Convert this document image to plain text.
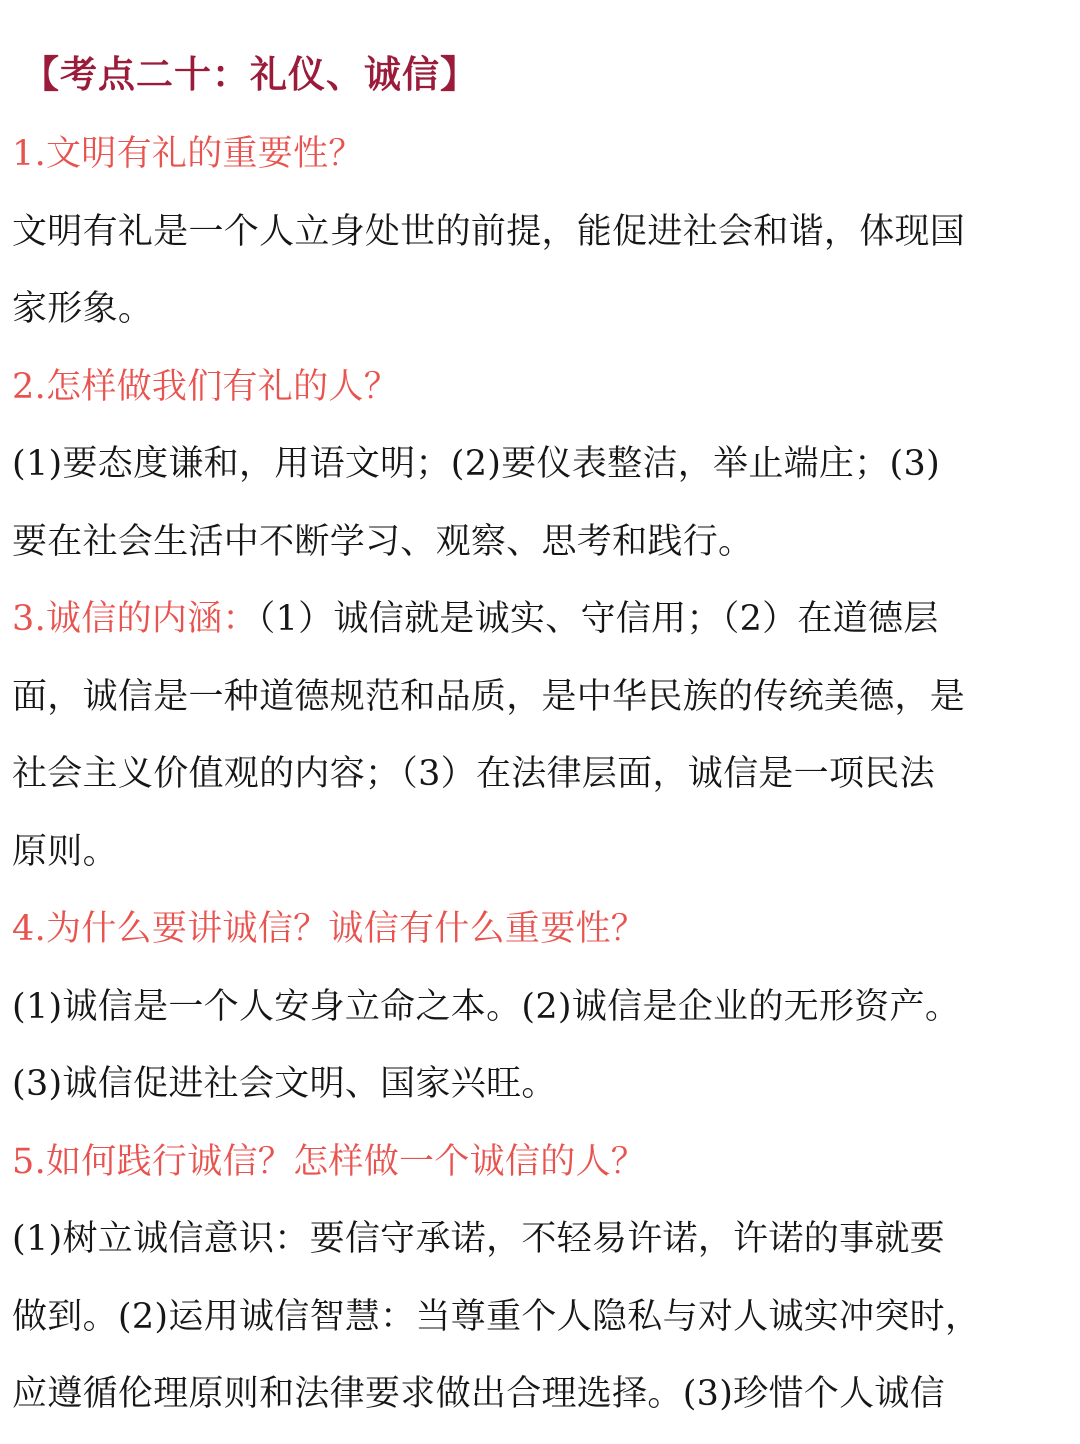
【考点二十：礼仪、诚信】
1.文明有礼的重要性？
文明有礼是一个人立身处世的前提，能促进社会和谐，体现国
家形象。
2.怎样做我们有礼的人？
(1)要态度谦和，用语文明；(2)要仪表整洁，举止端庄；(3)
要在社会生活中不断学习、观察、思考和践行。
3.诚信的内涵：（1）诚信就是诚实、守信用；（2）在道德层
面，诚信是一种道德规范和品质，是中华民族的传统美德，是
社会主义价值观的内容；（3）在法律层面，诚信是一项民法
原则。
4.为什么要讲诚信？诚信有什么重要性？
(1)诚信是一个人安身立命之本。(2)诚信是企业的无形资产。
(3)诚信促进社会文明、国家兴旺。
5.如何践行诚信？怎样做一个诚信的人？
(1)树立诚信意识：要信守承诺，不轻易许诺，许诺的事就要
做到。(2)运用诚信智慧：当尊重个人隐私与对人诚实冲突时，
应遵循伦理原则和法律要求做出合理选择。(3)珍惜个人诚信
